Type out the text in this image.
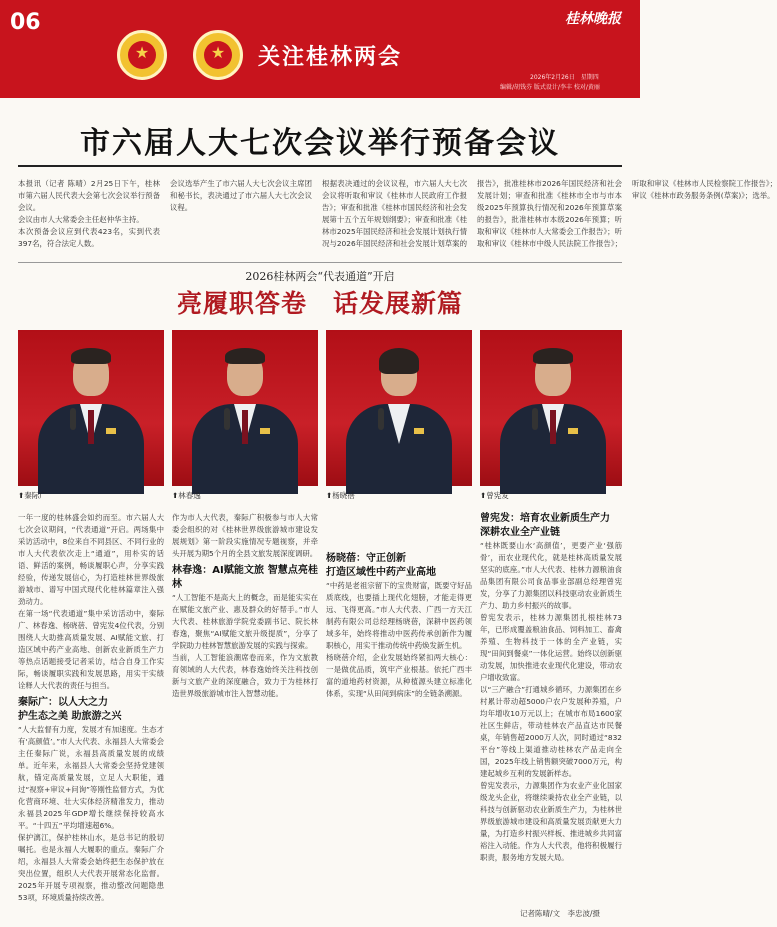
06
★	★	关注桂林两会
桂林晚报
2026年2月26日　星期四
编辑/胡钱芬 版式设计/李丰 校对/黄丽
市六届人大七次会议举行预备会议
本报讯（记者 陈晴）2月25日下午，桂林市第六届人民代表大会第七次会议举行预备会议。
会议由市人大常委会主任赵仲华主持。
本次预备会议应到代表423名，实到代表397名，符合法定人数。
会议选举产生了市六届人大七次会议主席团和秘书长，表决通过了市六届人大七次会议议程。
根据表决通过的会议议程，市六届人大七次会议将听取和审议《桂林市人民政府工作报告》；审查和批准《桂林市国民经济和社会发展第十五个五年规划纲要》；审查和批准《桂林市2025年国民经济和社会发展计划执行情况与2026年国民经济和社会发展计划草案的报告》，批准桂林市2026年国民经济和社会发展计划；审查和批准《桂林市全市与市本级2025年预算执行情况和2026年预算草案的报告》，批准桂林市本级2026年预算；听取和审议《桂林市人大常委会工作报告》；听取和审议《桂林市中级人民法院工作报告》；听取和审议《桂林市人民检察院工作报告》；审议《桂林市政务服务条例(草案)》；选举。
2026桂林两会“代表通道”开启
亮履职答卷　话发展新篇
⬆秦际广	⬆林春逸	⬆杨晓蓓	⬆曾宪发
一年一度的桂林盛会如约而至。市六届人大七次会议期间，“代表通道”开启。两场集中采访活动中，8位来自不同县区、不同行业的市人大代表依次走上“通道”，用朴实的话语、鲜活的案例，畅谈履职心声，分享实践经验，传递发展信心，为打造桂林世界级旅游城市、谱写中国式现代化桂林篇章注入强劲动力。
在第一场“代表通道”集中采访活动中，秦际广、林春逸、杨晓蓓、曾宪发4位代表，分别围绕人大助推高质量发展、AI赋能文旅、打造区域中药产业高地、创新农业新质生产力等热点话题接受记者采访，结合自身工作实际，畅谈履职实践和发展思路，用实干实绩诠释人大代表的责任与担当。
秦际广：以人大之力
护生态之美 助旅游之兴
“人大监督有力度，发展才有加速度。生态才有‘高颜值’。”市人大代表、永福县人大常委会主任秦际广说，永福县高质量发展的成绩单。近年来，永福县人大常委会坚持党建领航，锚定高质量发展，立足人大职能，通过“视察+审议+问询”等刚性监督方式，为优化营商环境、壮大实体经济精准发力，推动永福县2025年GDP增长继续保持较高水平。“十四五”平均增速超6%。
保护漓江，保护桂林山水，是总书记的殷切嘱托。也是永福人大履职的重点。秦际广介绍，永福县人大常委会始终把生态保护放在突出位置，组织人大代表开展常态化监督。2025年开展专项视察，推动整改问题隐患53项，环境质量持续改善。
作为市人大代表，秦际广积极参与市人大常委会组织的对《桂林世界级旅游城市建设发展规划》第一阶段实施情况专题视察，并牵头开展为期5个月的全县文旅发展深度调研。
林春逸：AI赋能文旅 智慧点亮桂林
“人工智能不是高大上的概念，而是能实实在在赋能文旅产业、惠及群众的好帮手。”市人大代表、桂林旅游学院党委副书记、院长林春逸，聚焦“AI赋能文旅升级提质”，分享了学院助力桂林智慧旅游发展的实践与探索。
当前，人工智能浪潮席卷而来，作为文旅教育领域的人大代表，林春逸始终关注科技创新与文旅产业的深度融合，致力于为桂林打造世界级旅游城市注入智慧动能。
杨晓蓓：守正创新
打造区域性中药产业高地
“中药是老祖宗留下的宝贵财富，既要守好品质底线，也要插上现代化翅膀，才能走得更远、飞得更高。”市人大代表、广西一方天江制药有限公司总经理杨晓蓓，深耕中医药领域多年，始终将推动中医药传承创新作为履职核心，用实干推动传统中药焕发新生机。
杨晓蓓介绍，企业发展始终紧扣两大核心：一是做优品质，筑牢产业根基。依托广西丰富的道地药材资源，从种植源头建立标准化体系，实现“从田间到病床”的全链条溯源。
曾宪发：培育农业新质生产力
深耕农业全产业链
“桂林既要山水‘高颜值’，更要产业‘强筋骨’，而农业现代化，就是桂林高质量发展坚实的底座。”市人大代表、桂林力源粮油食品集团有限公司食品事业部副总经理曾宪发，分享了力源集团以科技驱动农业新质生产力、助力乡村振兴的故事。
曾宪发表示，桂林力源集团扎根桂林73年，已形成覆盖粮油食品、饲料加工、畜禽养殖、生物科技于一体的全产业链，实现“田间到餐桌”一体化运营。始终以创新驱动发展，加快推进农业现代化建设，带动农户增收致富。
以“三产融合”打通城乡循环，力源集团在乡村累计带动超5000户农户发展种养殖，户均年增收10万元以上；在城市布局1600家社区生鲜店，带动桂林农产品直达市民餐桌，年销售超2000万人次，同时通过“832平台”等线上渠道推动桂林农产品走向全国，2025年线上销售额突破7000万元，构建起城乡互利的发展新样态。
曾宪发表示，力源集团作为农业产业化国家级龙头企业，将继续秉持农业全产业链，以科技与创新驱动农业新质生产力，为桂林世界级旅游城市建设和高质量发展贡献更大力量，为打造乡村振兴样板、推进城乡共同富裕注入动能。作为人大代表，他将积极履行职责，服务地方发展大局。
记者陈晴/文　李忠波/摄
